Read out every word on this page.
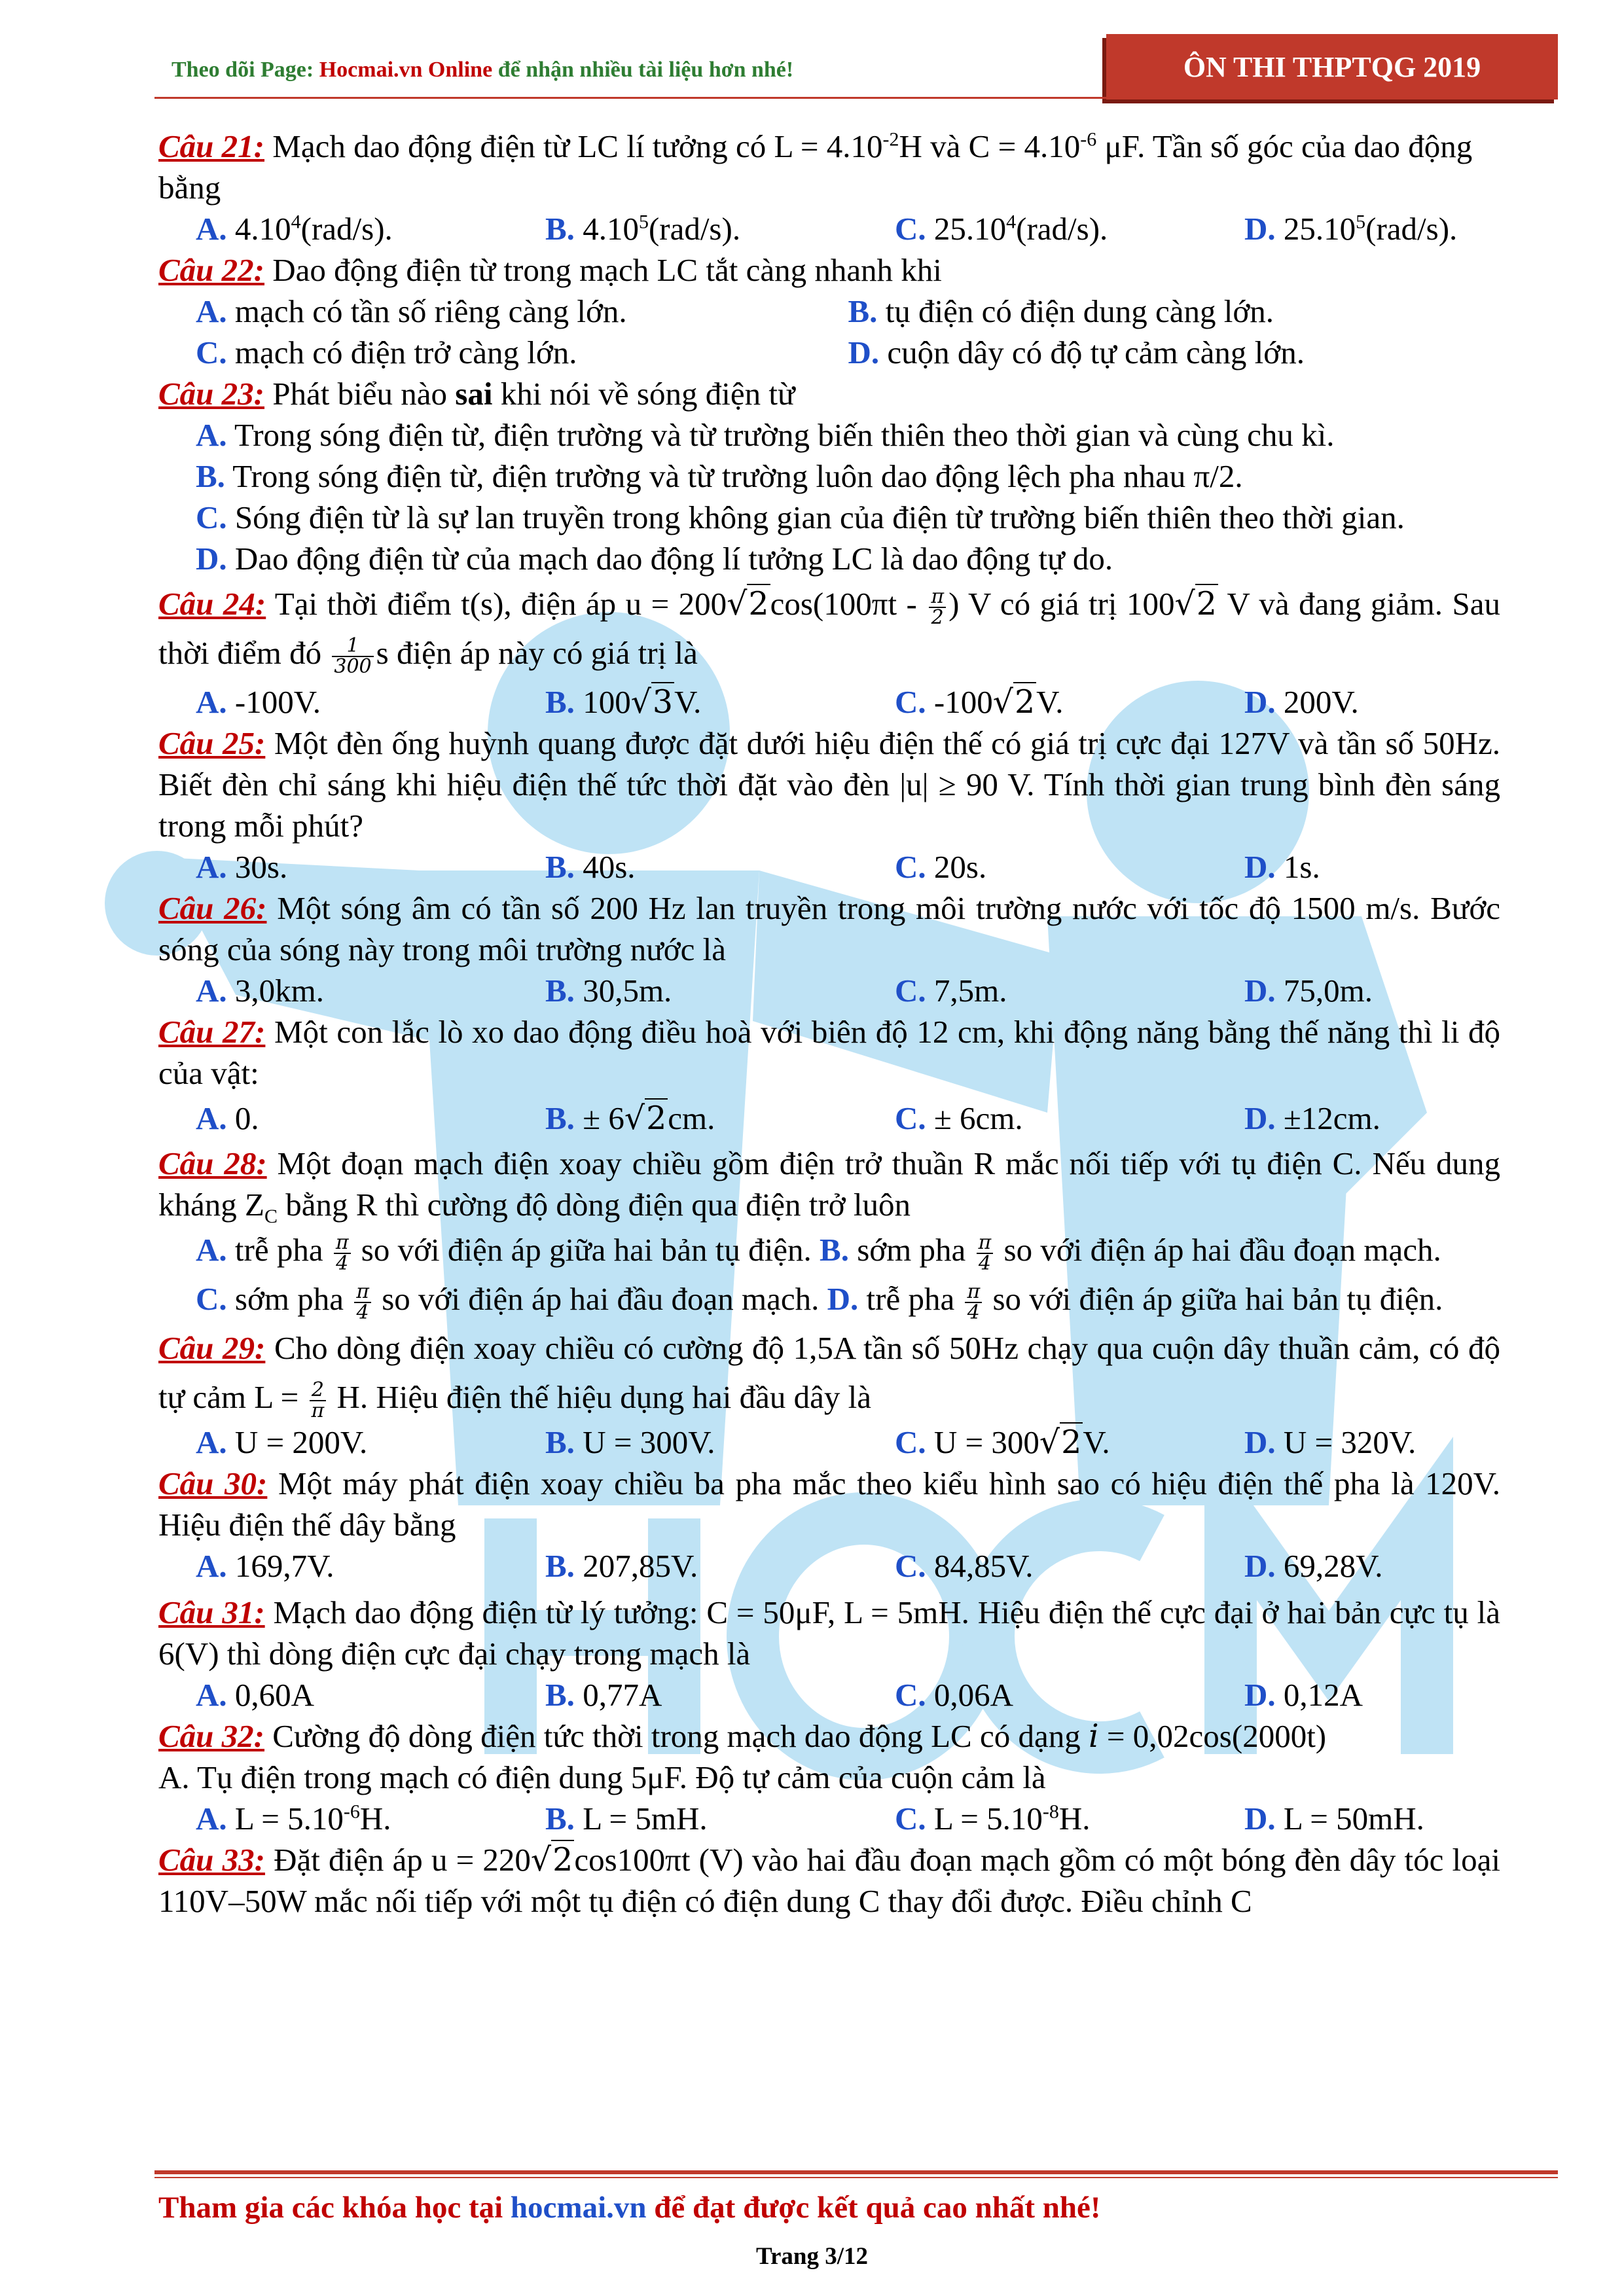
Theo dõi Page: Hocmai.vn Online để nhận nhiều tài liệu hơn nhé!	ÔN THI THPTQG 2019

Câu 21: Mạch dao động điện từ LC lí tưởng có $L = 4.10^{-2}H$ và $C = 4.10^{-6}$ μF. Tần số góc của dao động bằng

A. 4.10$^4$(rad/s).	B. 4.10$^5$(rad/s).	C. 25.10$^4$(rad/s).	D. 25.10$^5$(rad/s).

Câu 22: Dao động điện từ trong mạch LC tắt càng nhanh khi

A. mạch có tần số riêng càng lớn.	B. tụ điện có điện dung càng lớn.
C. mạch có điện trở càng lớn.	D. cuộn dây có độ tự cảm càng lớn.

Câu 23: Phát biểu nào sai khi nói về sóng điện từ

A. Trong sóng điện từ, điện trường và từ trường biến thiên theo thời gian và cùng chu kì.
B. Trong sóng điện từ, điện trường và từ trường luôn dao động lệch pha nhau π/2.
C. Sóng điện từ là sự lan truyền trong không gian của điện từ trường biến thiên theo thời gian.
D. Dao động điện từ của mạch dao động lí tưởng LC là dao động tự do.

Câu 24: Tại thời điểm t(s), điện áp $u = 200√2\cos(100\pi t - \frac{\pi}{2}$ ) V có giá trị 100√2 V và đang giảm. Sau thời điểm đó $\frac{1}{300}$ s điện áp này có giá trị là

A. -100V.	B. 100√3V.	C. -100√2V.	D. 200V.

Câu 25: Một đèn ống huỳnh quang được đặt dưới hiệu điện thế có giá trị cực đại 127V và tần số 50Hz. Biết đèn chỉ sáng khi hiệu điện thế tức thời đặt vào đèn |u| ≥ 90 V. Tính thời gian trung bình đèn sáng trong mỗi phút?

A. 30s.	B. 40s.	C. 20s.	D. 1s.

Câu 26: Một sóng âm có tần số 200 Hz lan truyền trong môi trường nước với tốc độ 1500 m/s. Bước sóng của sóng này trong môi trường nước là

A. 3,0km.	B. 30,5m.	C. 7,5m.	D. 75,0m.

Câu 27: Một con lắc lò xo dao động điều hoà với biên độ 12 cm, khi động năng bằng thế năng thì li độ của vật:

A. 0.	B. ± 6√2cm.	C. ± 6cm.	D. ±12cm.

Câu 28: Một đoạn mạch điện xoay chiều gồm điện trở thuần R mắc nối tiếp với tụ điện C. Nếu dung kháng $Z_C$ bằng R thì cường độ dòng điện qua điện trở luôn

A. trễ pha $\frac{\pi}{4}$ so với điện áp giữa hai bản tụ điện. B. sớm pha $\frac{\pi}{4}$ so với điện áp hai đầu đoạn mạch.
C. sớm pha $\frac{\pi}{4}$ so với điện áp hai đầu đoạn mạch. D. trễ pha $\frac{\pi}{4}$ so với điện áp giữa hai bản tụ điện.

Câu 29: Cho dòng điện xoay chiều có cường độ 1,5A tần số 50Hz chạy qua cuộn dây thuần cảm, có độ tự cảm $L = \frac{2}{\pi} H$. Hiệu điện thế hiệu dụng hai đầu dây là

A. U = 200V.	B. U = 300V.	C. U = 300√2V.	D. U = 320V.

Câu 30: Một máy phát điện xoay chiều ba pha mắc theo kiểu hình sao có hiệu điện thế pha là 120V. Hiệu điện thế dây bằng

A. 169,7V.	B. 207,85V.	C. 84,85V.	D. 69,28V.

Câu 31: Mạch dao động điện từ lý tưởng: C = 50μF, L = 5mH. Hiệu điện thế cực đại ở hai bản cực tụ là 6(V) thì dòng điện cực đại chạy trong mạch là

A. 0,60A	B. 0,77A	C. 0,06A	D. 0,12A

Câu 32: Cường độ dòng điện tức thời trong mạch dao động LC có dạng i = 0,02cos(2000t)
A. Tụ điện trong mạch có điện dung 5μF. Độ tự cảm của cuộn cảm là

A. $L = 5.10^{-6}H$.	B. L = 5mH.	C. $L = 5.10^{-8}H$.	D. L = 50mH.

Câu 33: Đặt điện áp u = 220√2cos100πt (V) vào hai đầu đoạn mạch gồm có một bóng đèn dây tóc loại 110V–50W mắc nối tiếp với một tụ điện có điện dung C thay đổi được. Điều chỉnh C

Tham gia các khóa học tại hocmai.vn để đạt được kết quả cao nhất nhé!
Trang 3/12
